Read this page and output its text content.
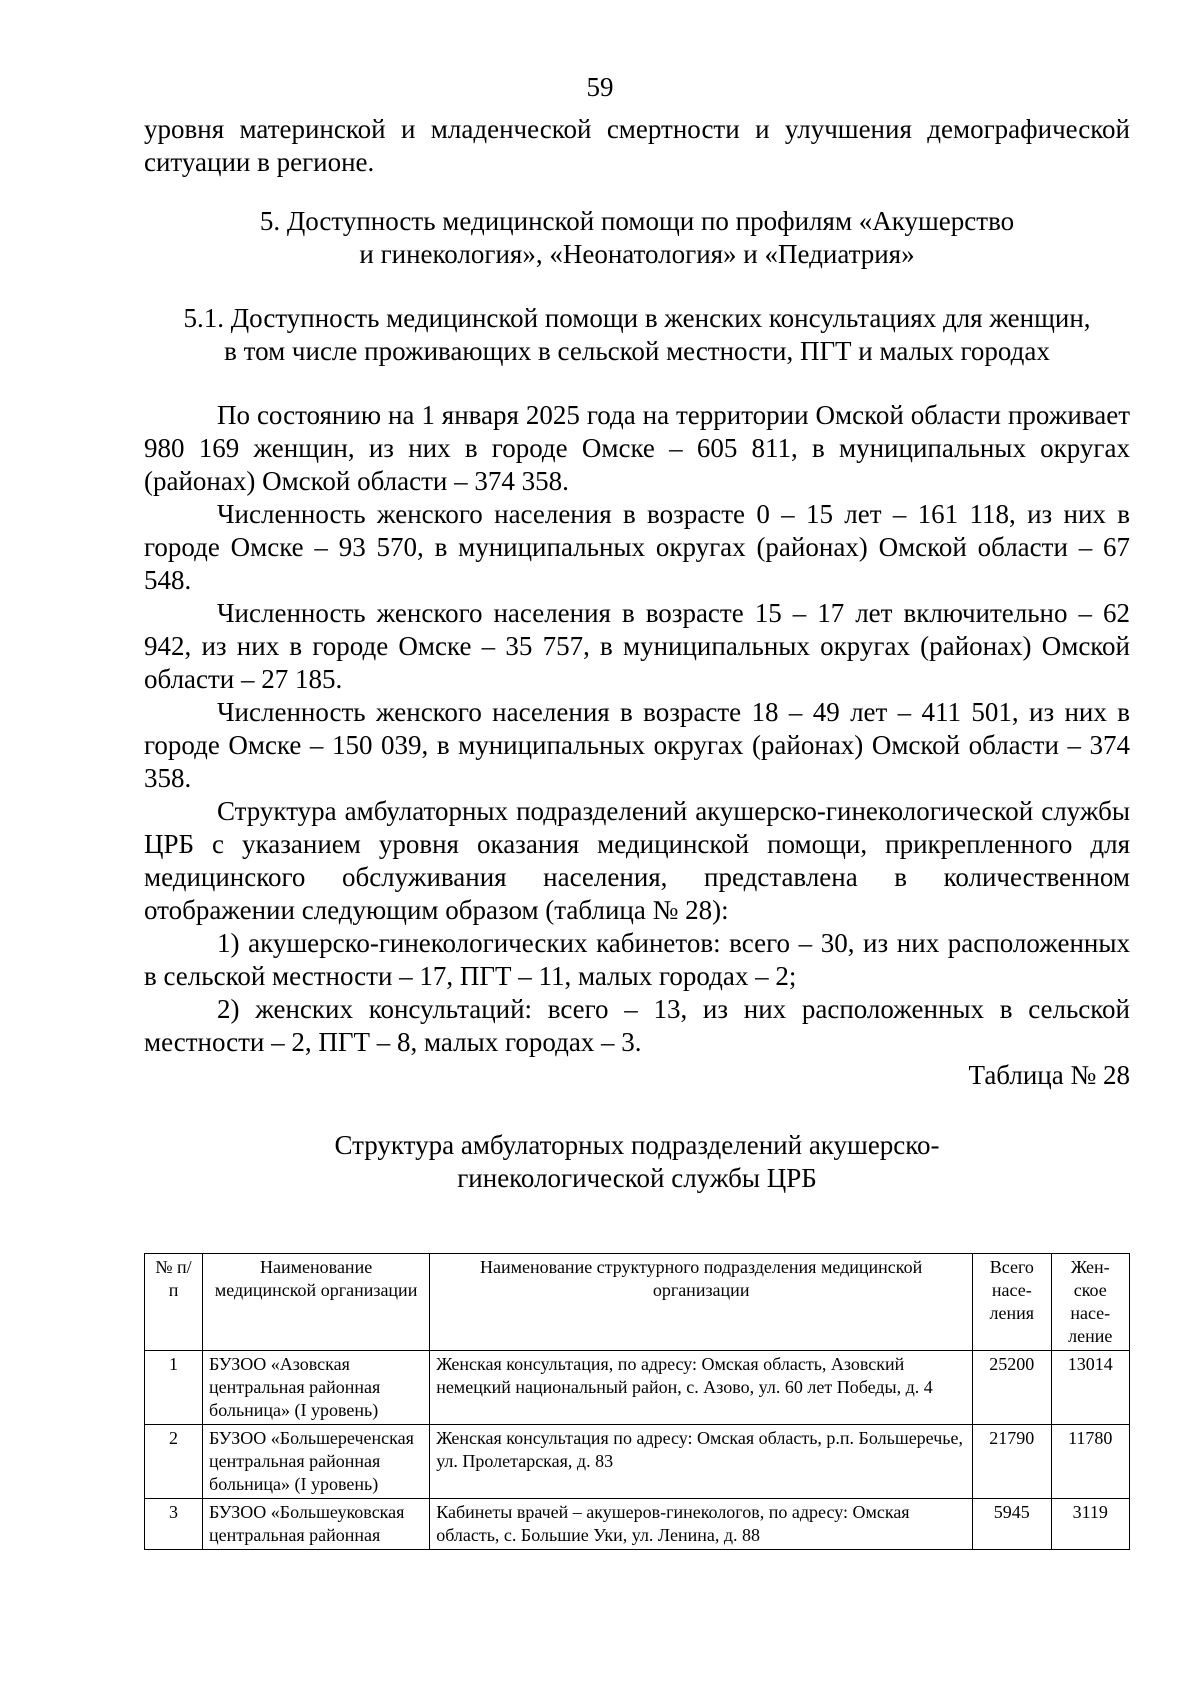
59

уровня материнской и младенческой смертности и улучшения демографической ситуации в регионе.

5. Доступность медицинской помощи по профилям «Акушерство
и гинекология», «Неонатология» и «Педиатрия»
5.1. Доступность медицинской помощи в женских консультациях для женщин,
в том числе проживающих в сельской местности, ПГТ и малых городах

По состоянию на 1 января 2025 года на территории Омской области проживает 980 169 женщин, из них в городе Омске – 605 811, в муниципальных округах (районах) Омской области – 374 358.

Численность женского населения в возрасте 0 – 15 лет – 161 118, из них в городе Омске – 93 570, в муниципальных округах (районах) Омской области – 67 548.

Численность женского населения в возрасте 15 – 17 лет включительно – 62 942, из них в городе Омске – 35 757, в муниципальных округах (районах) Омской области – 27 185.

Численность женского населения в возрасте 18 – 49 лет – 411 501, из них в городе Омске – 150 039, в муниципальных округах (районах) Омской области – 374 358.

Структура амбулаторных подразделений акушерско-гинекологической службы ЦРБ с указанием уровня оказания медицинской помощи, прикрепленного для медицинского обслуживания населения, представлена в количественном отображении следующим образом (таблица № 28):

1) акушерско-гинекологических кабинетов: всего – 30, из них расположенных в сельской местности – 17, ПГТ – 11, малых городах – 2;

2) женских консультаций: всего – 13, из них расположенных в сельской местности – 2, ПГТ – 8, малых городах – 3.

Таблица № 28

Структура амбулаторных подразделений акушерско-
гинекологической службы ЦРБ

№ п/п	Наименование медицинской организации	Наименование структурного подразделения медицинской организации	Всего насе-ления	Жен-ское насе-ление
1	БУЗОО «Азовская центральная районная больница» (I уровень)	Женская консультация, по адресу: Омская область, Азовский немецкий национальный район, с. Азово, ул. 60 лет Победы, д. 4	25200	13014
2	БУЗОО «Большереченская центральная районная больница» (I уровень)	Женская консультация по адресу: Омская область, р.п. Большеречье, ул. Пролетарская, д. 83	21790	11780
3	БУЗОО «Большеуковская центральная районная	Кабинеты врачей – акушеров-гинекологов, по адресу: Омская область, с. Большие Уки, ул. Ленина, д. 88	5945	3119
